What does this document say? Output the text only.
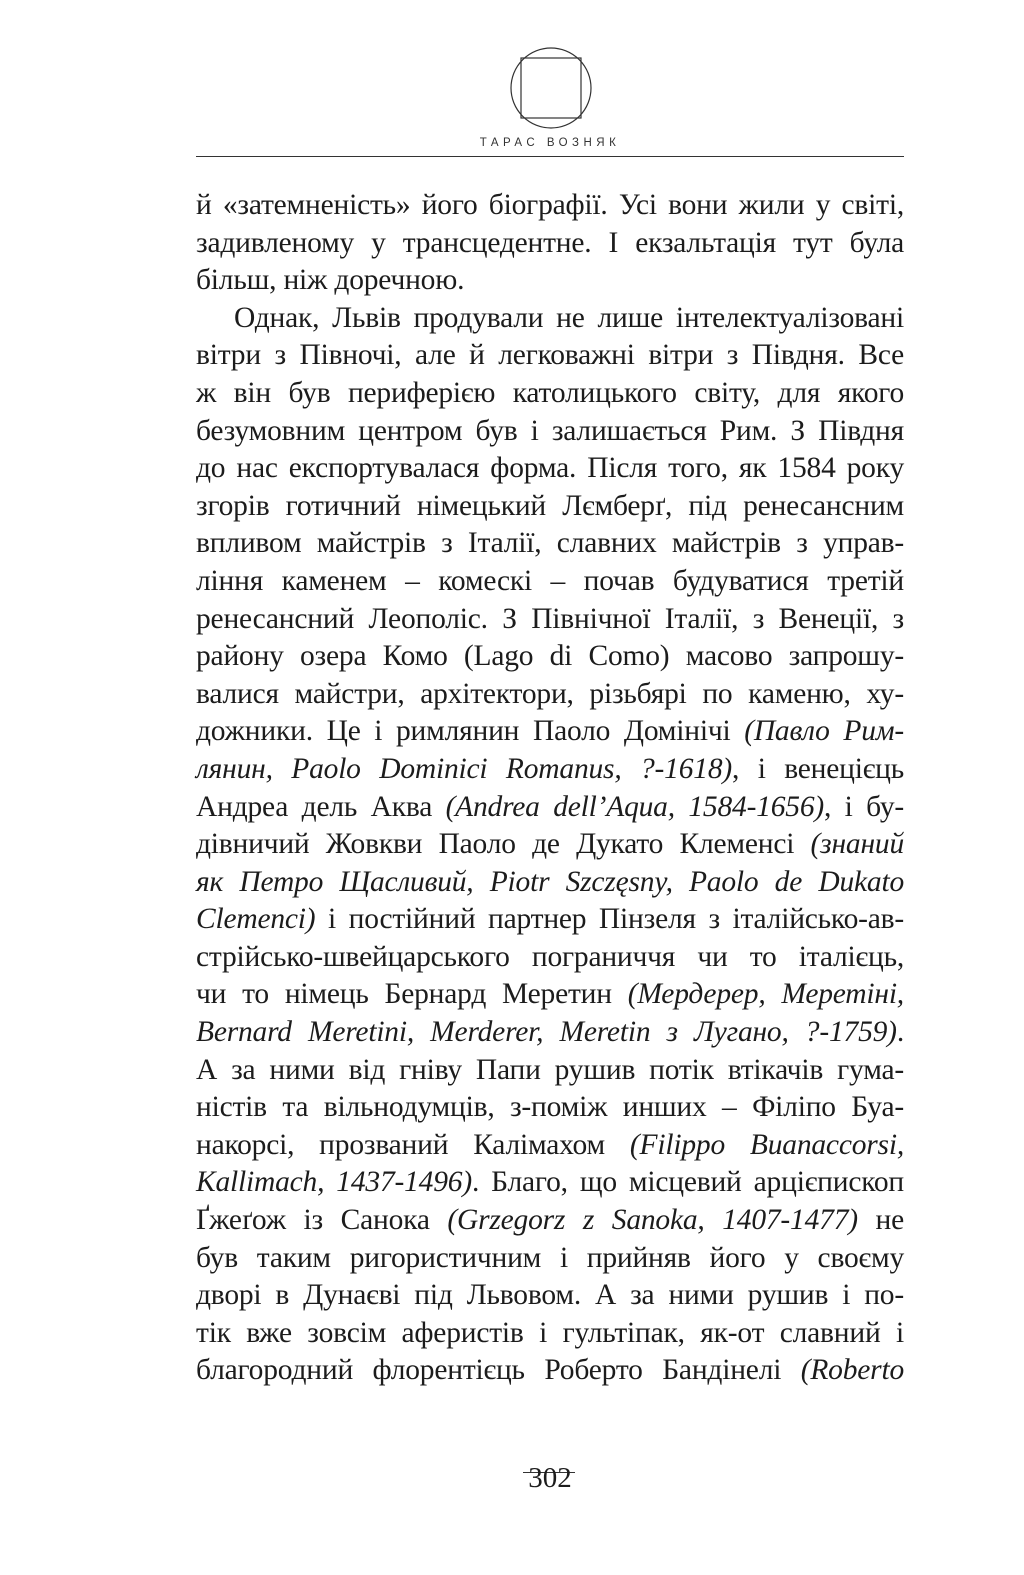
ТАРАС ВОЗНЯК
й «затемненість» його біографії. Усі вони жили у світі,
задивленому у трансцедентне. І екзальтація тут була
більш, ніж доречною.
Однак, Львів продували не лише інтелектуалізовані
вітри з Півночі, але й легковажні вітри з Півдня. Все
ж він був периферією католицького світу, для якого
безумовним центром був і залишається Рим. З Півдня
до нас експортувалася форма. Після того, як 1584 року
згорів готичний німецький Лємберґ, під ренесансним
впливом майстрів з Італії, славних майстрів з управ-
ління каменем – комескі – почав будуватися третій
ренесансний Леополіс. З Північної Італії, з Венеції, з
району озера Комо (Lago di Como) масово запрошу-
валися майстри, архітектори, різьбярі по каменю, ху-
дожники. Це і римлянин Паоло Домінічі (Павло Рим-
лянин, Paolo Dominici Romanus, ?-1618), і венецієць
Андреа дель Аква (Andrea dell’Aqua, 1584-1656), і бу-
дівничий Жовкви Паоло де Дукато Клеменсі (знаний
як Петро Щасливий, Piotr Szczęsny, Paolo de Dukato
Clemenci) і постійний партнер Пінзеля з італійсько-ав-
стрійсько-швейцарського пограниччя чи то італієць,
чи то німець Бернард Меретин (Мердерер, Меретіні,
Bernard Meretini, Merderer, Meretin з Лугано, ?-1759).
А за ними від гніву Папи рушив потік втікачів гума-
ністів та вільнодумців, з-поміж инших – Філіпо Буа-
накорсі, прозваний Калімахом (Filippo Buanaccorsi,
Kallimach, 1437-1496). Благо, що місцевий арцієпископ
Ґжеґож із Санока (Grzegorz z Sanoka, 1407-1477) не
був таким ригористичним і прийняв його у своєму
дворі в Дунаєві під Львовом. А за ними рушив і по-
тік вже зовсім аферистів і гультіпак, як-от славний і
благородний флорентієць Роберто Бандінелі (Roberto
302
